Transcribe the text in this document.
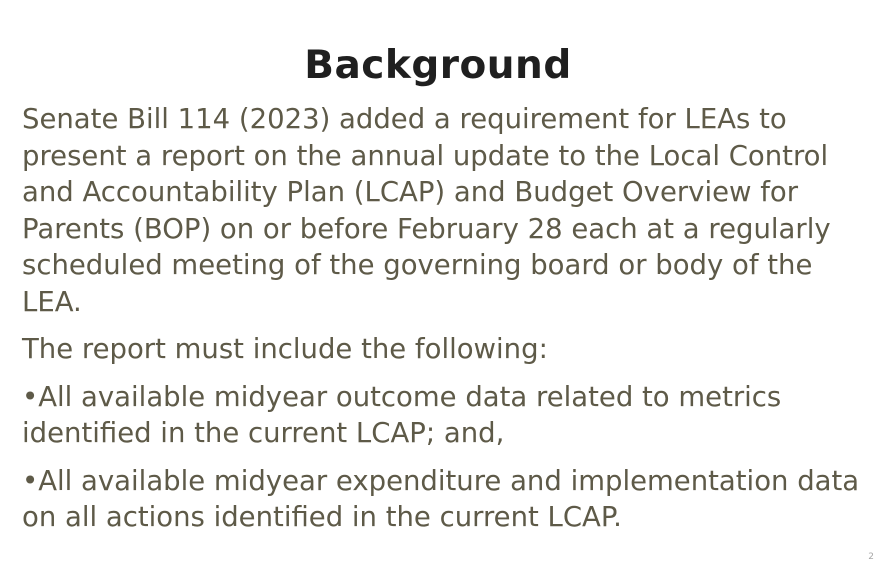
Background

Senate Bill 114 (2023) added a requirement for LEAs to present a report on the annual update to the Local Control and Accountability Plan (LCAP) and Budget Overview for Parents (BOP) on or before February 28 each at a regularly scheduled meeting of the governing board or body of the LEA.

The report must include the following:

•All available midyear outcome data related to metrics identified in the current LCAP; and,

•All available midyear expenditure and implementation data on all actions identified in the current LCAP.

2
